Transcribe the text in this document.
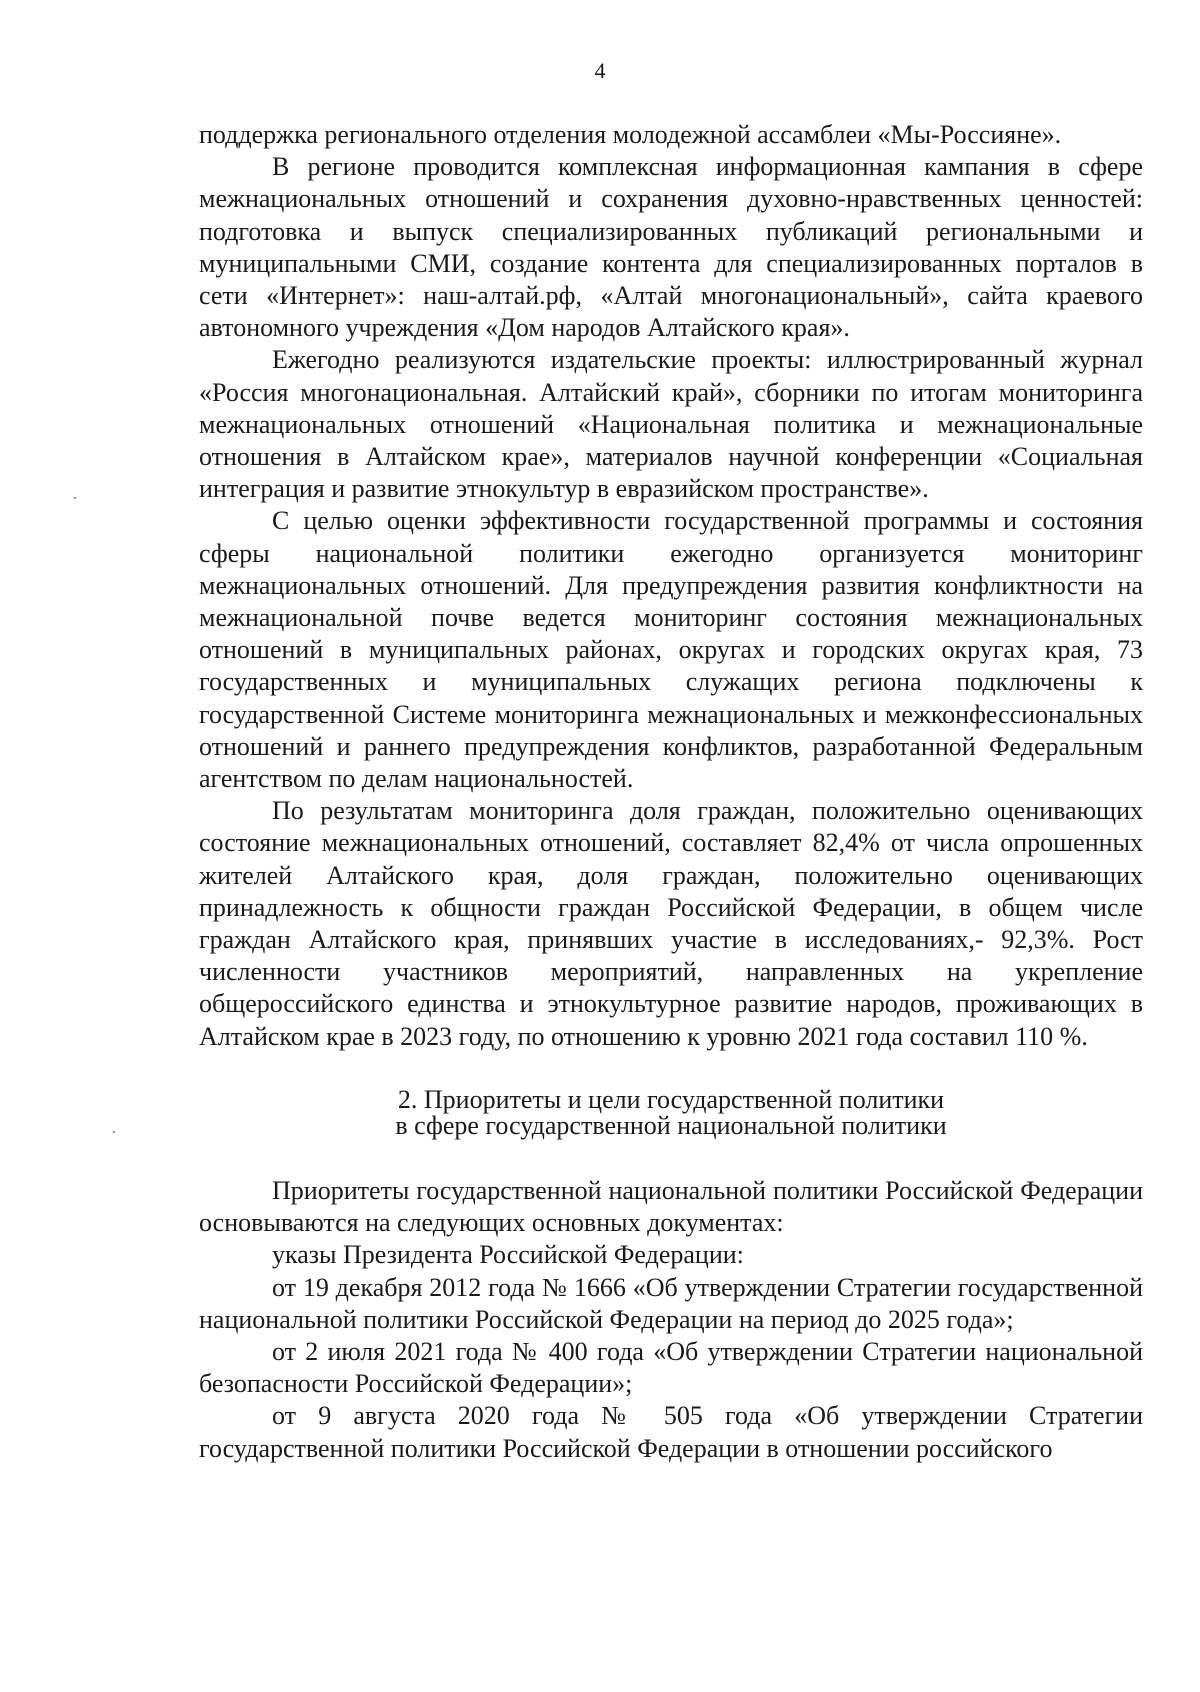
4

поддержка регионального отделения молодежной ассамблеи «Мы-Россияне».

В регионе проводится комплексная информационная кампания в сфере межнациональных отношений и сохранения духовно-нравственных ценностей: подготовка и выпуск специализированных публикаций региональными и муниципальными СМИ, создание контента для специализированных порталов в сети «Интернет»: наш-алтай.рф, «Алтай многонациональный», сайта краевого автономного учреждения «Дом народов Алтайского края».

Ежегодно реализуются издательские проекты: иллюстрированный журнал «Россия многонациональная. Алтайский край», сборники по итогам мониторинга межнациональных отношений «Национальная политика и межнациональные отношения в Алтайском крае», материалов научной конференции «Социальная интеграция и развитие этнокультур в евразийском пространстве».

С целью оценки эффективности государственной программы и состояния сферы национальной политики ежегодно организуется мониторинг межнациональных отношений. Для предупреждения развития конфликтности на межнациональной почве ведется мониторинг состояния межнациональных отношений в муниципальных районах, округах и городских округах края, 73 государственных и муниципальных служащих региона подключены к государственной Системе мониторинга межнациональных и межконфессиональных отношений и раннего предупреждения конфликтов, разработанной Федеральным агентством по делам национальностей.

По результатам мониторинга доля граждан, положительно оценивающих состояние межнациональных отношений, составляет 82,4% от числа опрошенных жителей Алтайского края, доля граждан, положительно оценивающих принадлежность к общности граждан Российской Федерации, в общем числе граждан Алтайского края, принявших участие в исследованиях,- 92,3%. Рост численности участников мероприятий, направленных на укрепление общероссийского единства и этнокультурное развитие народов, проживающих в Алтайском крае в 2023 году, по отношению к уровню 2021 года составил 110 %.

2. Приоритеты и цели государственной политики
в сфере государственной национальной политики

Приоритеты государственной национальной политики Российской Федерации основываются на следующих основных документах:

указы Президента Российской Федерации:

от 19 декабря 2012 года № 1666 «Об утверждении Стратегии государственной национальной политики Российской Федерации на период до 2025 года»;

от 2 июля 2021 года № 400 года «Об утверждении Стратегии национальной безопасности Российской Федерации»;

от 9 августа 2020 года № 505 года «Об утверждении Стратегии государственной политики Российской Федерации в отношении российского
